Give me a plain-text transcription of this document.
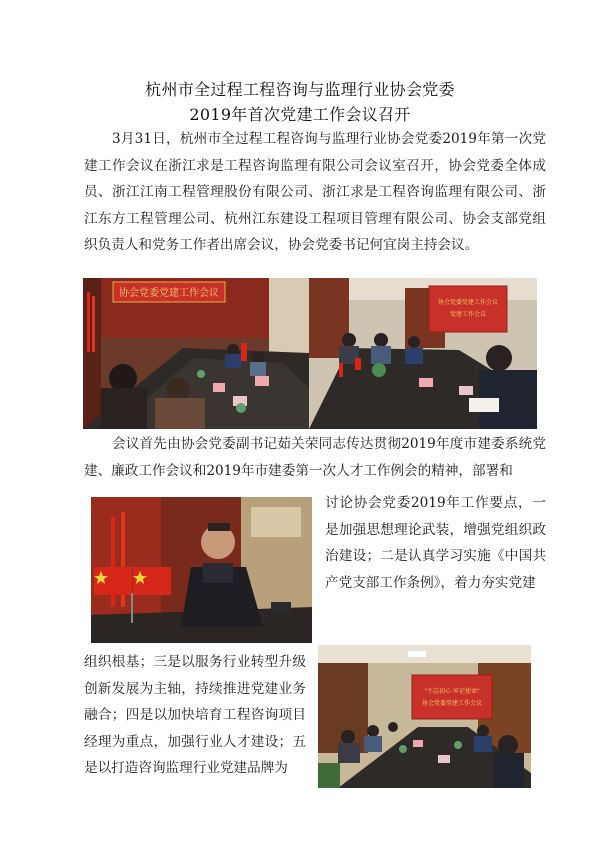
杭州市全过程工程咨询与监理行业协会党委
2019年首次党建工作会议召开
3月31日，杭州市全过程工程咨询与监理行业协会党委2019年第一次党建工作会议在浙江求是工程咨询监理有限公司会议室召开，协会党委全体成员、浙江江南工程管理股份有限公司、浙江求是工程咨询监理有限公司、浙江东方工程管理公司、杭州江东建设工程项目管理有限公司、协会支部党组织负责人和党务工作者出席会议，协会党委书记何宜岗主持会议。
协会党委党建工作会议
协会党委党建工作会议
党建工作会议
会议首先由协会党委副书记茹关荣同志传达贯彻2019年度市建委系统党建、廉政工作会议和2019年市建委第一次人才工作例会的精神，部署和
讨论协会党委2019年工作要点，一是加强思想理论武装，增强党组织政治建设；二是认真学习实施《中国共产党支部工作条例》，着力夯实党建
组织根基；三是以服务行业转型升级创新发展为主轴，持续推进党建业务融合；四是以加快培育工程咨询项目经理为重点，加强行业人才建设；五是以打造咨询监理行业党建品牌为
"不忘初心 牢记使命"
协会党委党建工作会议
